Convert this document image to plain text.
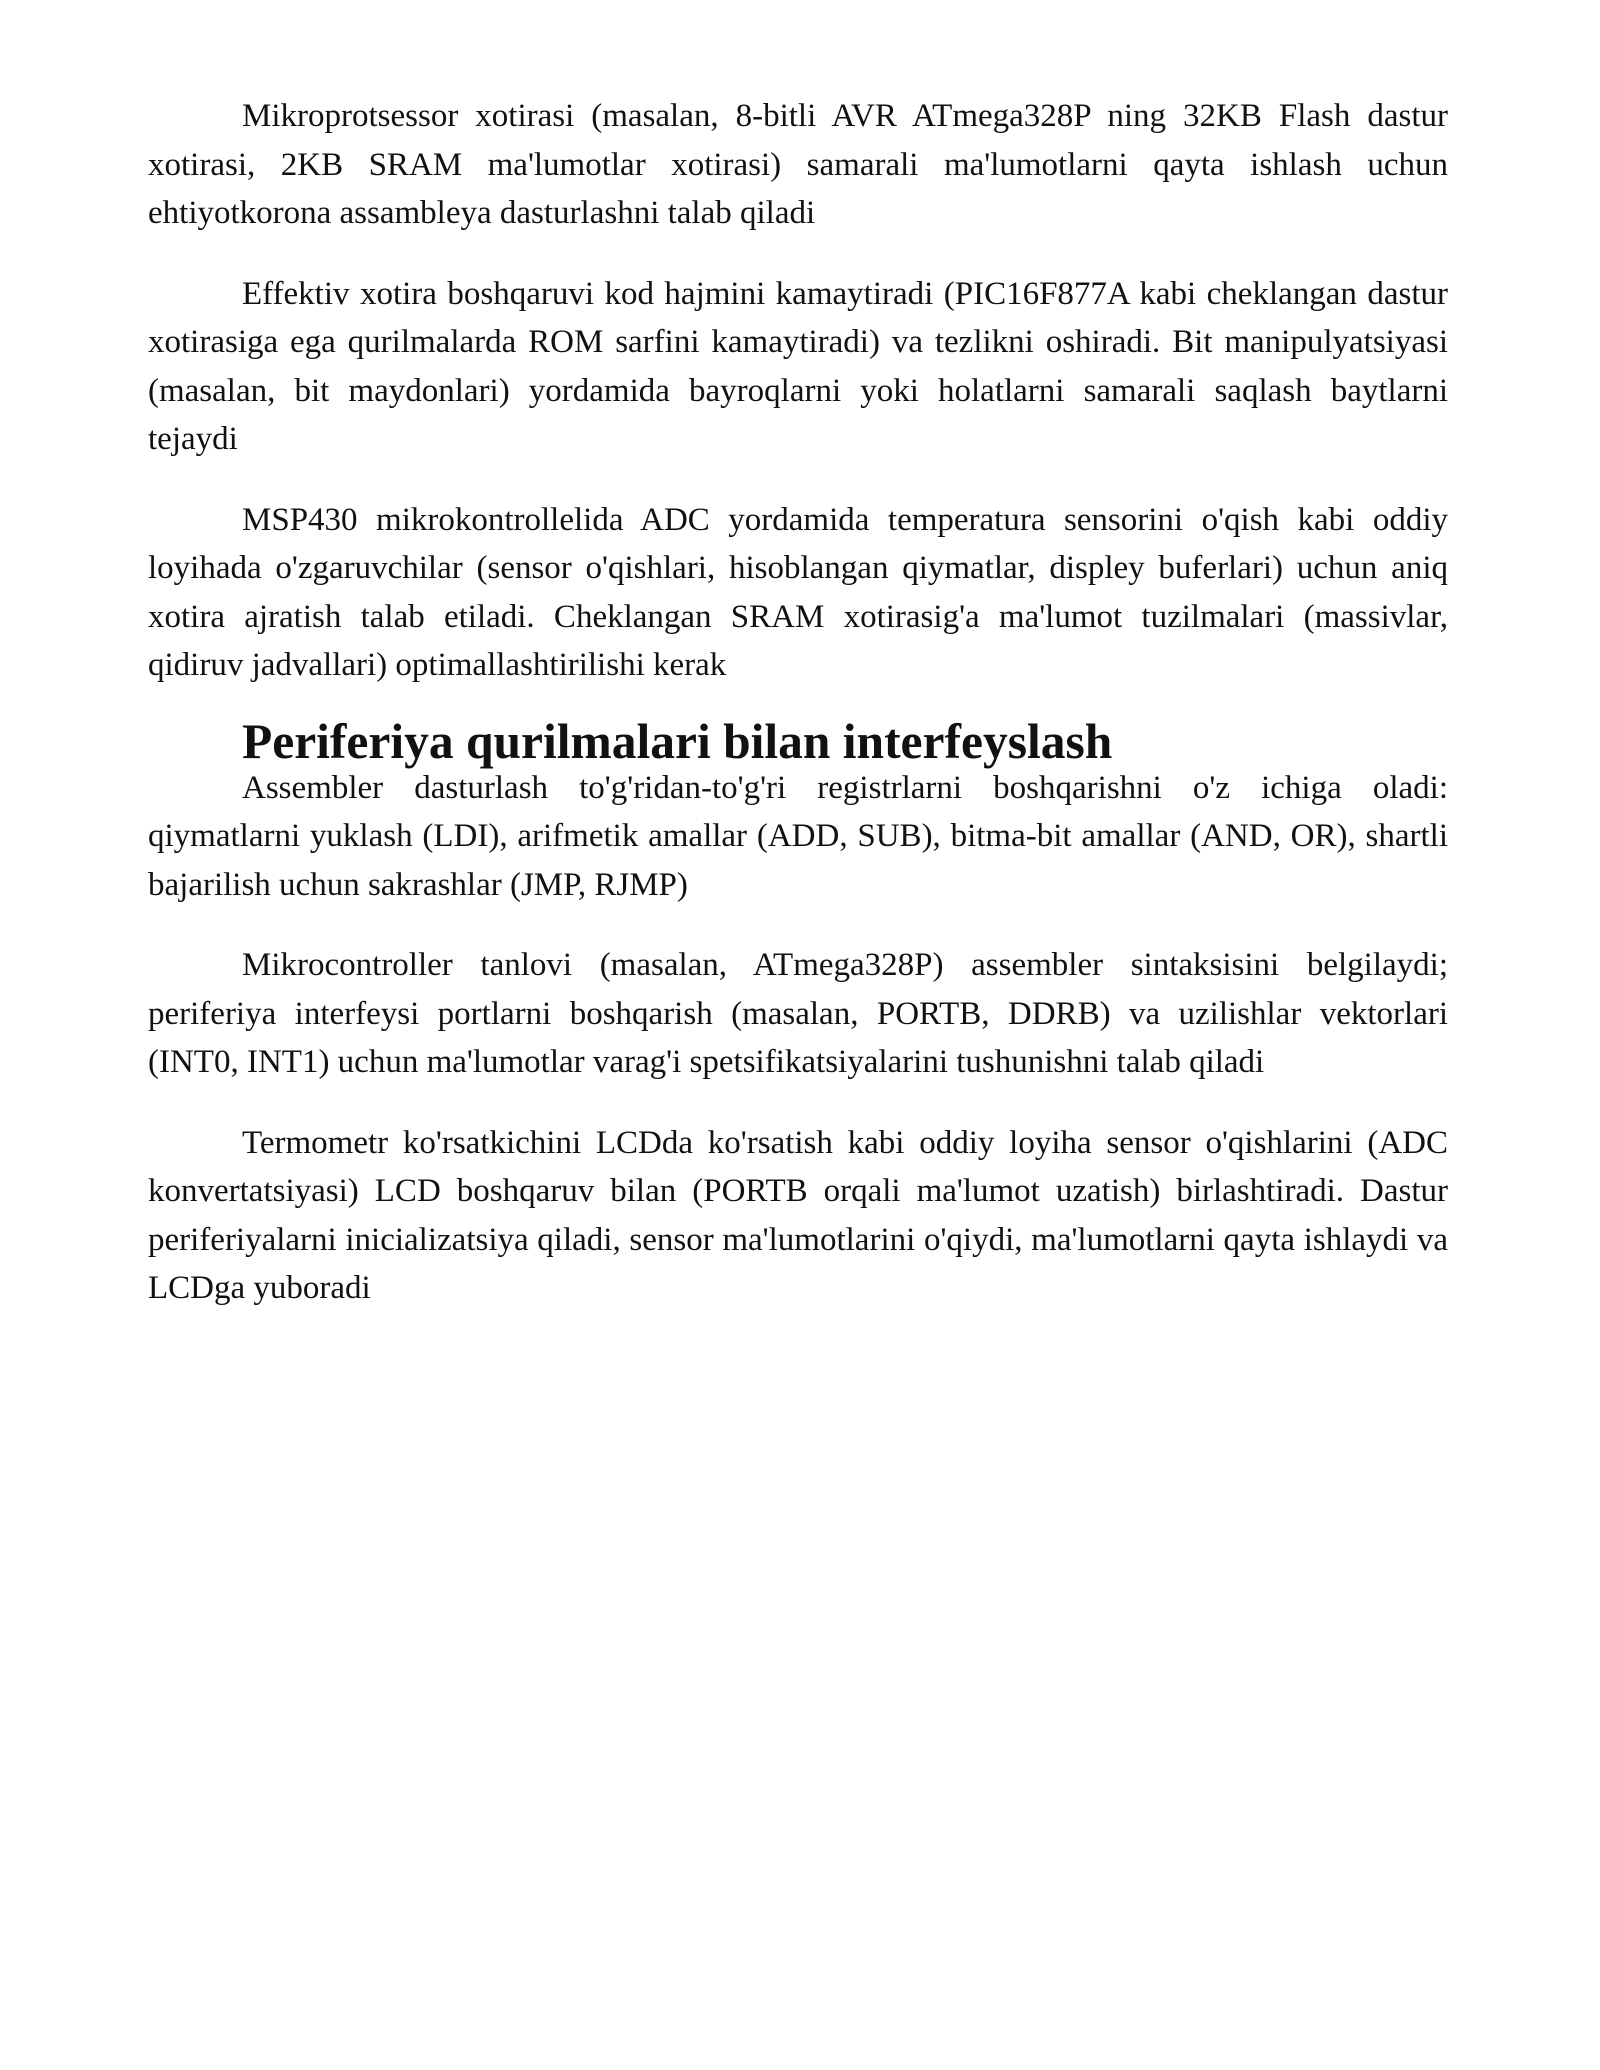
Mikroprotsessor xotirasi (masalan, 8-bitli AVR ATmega328P ning 32KB Flash dastur xotirasi, 2KB SRAM ma'lumotlar xotirasi) samarali ma'lumotlarni qayta ishlash uchun ehtiyotkorona assambleya dasturlashni talab qiladi

Effektiv xotira boshqaruvi kod hajmini kamaytiradi (PIC16F877A kabi cheklangan dastur xotirasiga ega qurilmalarda ROM sarfini kamaytiradi) va tezlikni oshiradi. Bit manipulyatsiyasi (masalan, bit maydonlari) yordamida bayroqlarni yoki holatlarni samarali saqlash baytlarni tejaydi

MSP430 mikrokontrollelida ADC yordamida temperatura sensorini o'qish kabi oddiy loyihada o'zgaruvchilar (sensor o'qishlari, hisoblangan qiymatlar, displey buferlari) uchun aniq xotira ajratish talab etiladi. Cheklangan SRAM xotirasig'a ma'lumot tuzilmalari (massivlar, qidiruv jadvallari) optimallashtirilishi kerak

Periferiya qurilmalari bilan interfeyslash

Assembler dasturlash to'g'ridan-to'g'ri registrlarni boshqarishni o'z ichiga oladi: qiymatlarni yuklash (LDI), arifmetik amallar (ADD, SUB), bitma-bit amallar (AND, OR), shartli bajarilish uchun sakrashlar (JMP, RJMP)

Mikrocontroller tanlovi (masalan, ATmega328P) assembler sintaksisini belgilaydi; periferiya interfeysi portlarni boshqarish (masalan, PORTB, DDRB) va uzilishlar vektorlari (INT0, INT1) uchun ma'lumotlar varag'i spetsifikatsiyalarini tushunishni talab qiladi

Termometr ko'rsatkichini LCDda ko'rsatish kabi oddiy loyiha sensor o'qishlarini (ADC konvertatsiyasi) LCD boshqaruv bilan (PORTB orqali ma'lumot uzatish) birlashtiradi. Dastur periferiyalarni inicializatsiya qiladi, sensor ma'lumotlarini o'qiydi, ma'lumotlarni qayta ishlaydi va LCDga yuboradi
